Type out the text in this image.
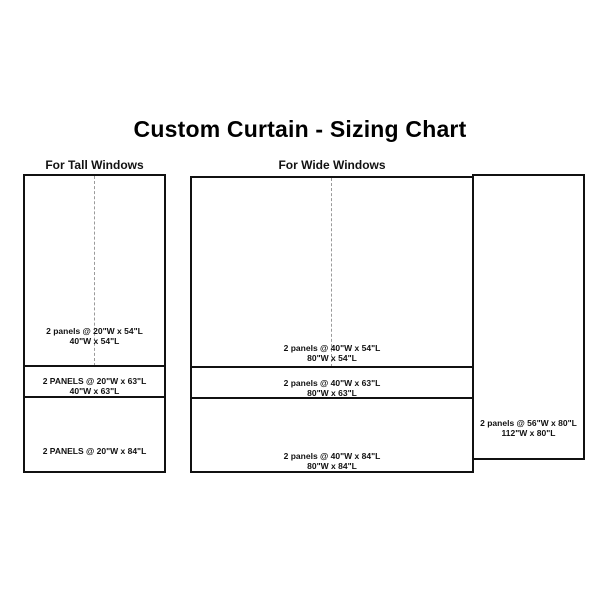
Custom Curtain - Sizing Chart
For Tall Windows	For Wide Windows
2 panels @ 20"W x 54"L
40"W x 54"L
2 PANELS @ 20"W x 63"L
40"W x 63"L
2 PANELS @ 20"W x 84"L
2 panels @ 40"W x 54"L
80"W x 54"L
2 panels @ 40"W x 63"L
80"W x 63"L
2 panels @ 40"W x 84"L
80"W x 84"L
2 panels @ 56"W x 80"L
112"W x 80"L
